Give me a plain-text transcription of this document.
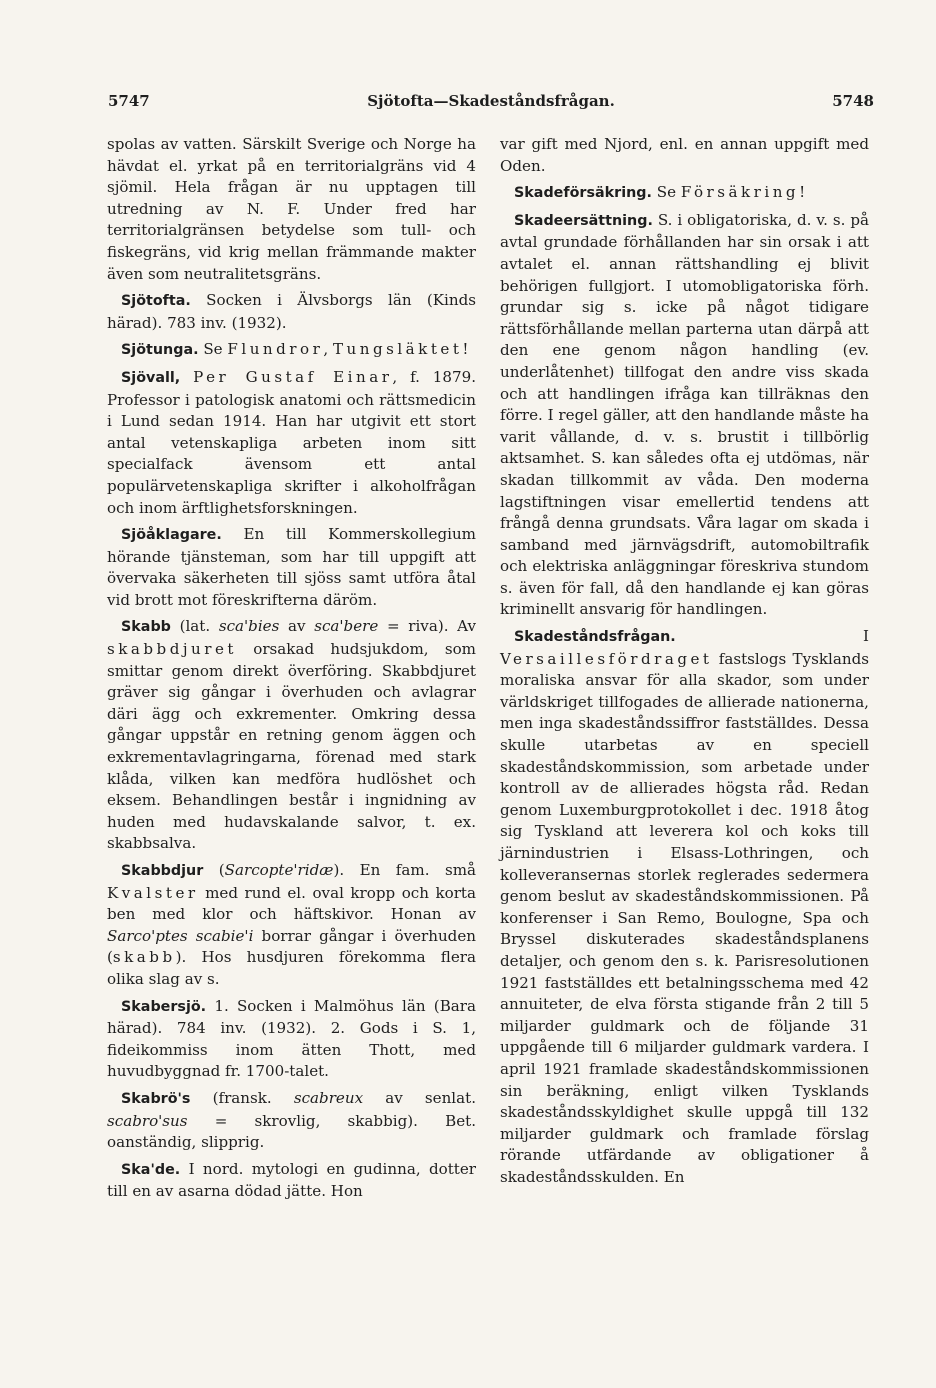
5747	Sjötofta—Skadeståndsfrågan.	5748

spolas av vatten. Särskilt Sverige och Norge ha hävdat el. yrkat på en territorialgräns vid 4 sjömil. Hela frågan är nu upptagen till utredning av N. F. Under fred har territorialgränsen betydelse som tull- och fiskegräns, vid krig mellan främmande makter även som neutralitetsgräns.

Sjötofta. Socken i Älvsborgs län (Kinds härad). 783 inv. (1932).

Sjötunga. Se Flundror, Tungsläktet!

Sjövall, Per Gustaf Einar, f. 1879. Professor i patologisk anatomi och rättsmedicin i Lund sedan 1914. Han har utgivit ett stort antal vetenskapliga arbeten inom sitt specialfack ävensom ett antal populärvetenskapliga skrifter i alkoholfrågan och inom ärftlighetsforskningen.

Sjöåklagare. En till Kommerskollegium hörande tjänsteman, som har till uppgift att övervaka säkerheten till sjöss samt utföra åtal vid brott mot föreskrifterna däröm.

Skabb (lat. sca'bies av sca'bere = riva). Av skabbdjuret orsakad hudsjukdom, som smittar genom direkt överföring. Skabbdjuret gräver sig gångar i överhuden och avlagrar däri ägg och exkrementer. Omkring dessa gångar uppstår en retning genom äggen och exkrementavlagringarna, förenad med stark klåda, vilken kan medföra hudlöshet och eksem. Behandlingen består i ingnidning av huden med hudavskalande salvor, t. ex. skabbsalva.

Skabbdjur (Sarcopte'ridæ). En fam. små Kvalster med rund el. oval kropp och korta ben med klor och häftskivor. Honan av Sarco'ptes scabie'i borrar gångar i överhuden (skabb). Hos husdjuren förekomma flera olika slag av s.

Skabersjö. 1. Socken i Malmöhus län (Bara härad). 784 inv. (1932). 2. Gods i S. 1, fideikommiss inom ätten Thott, med huvudbyggnad fr. 1700-talet.

Skabrö's (fransk. scabreux av senlat. scabro'sus = skrovlig, skabbig). Bet. oanständig, slipprig.

Ska'de. I nord. mytologi en gudinna, dotter till en av asarna dödad jätte. Hon

var gift med Njord, enl. en annan uppgift med Oden.

Skadeförsäkring. Se Försäkring!

Skadeersättning. S. i obligatoriska, d. v. s. på avtal grundade förhållanden har sin orsak i att avtalet el. annan rättshandling ej blivit behörigen fullgjort. I utomobligatoriska förh. grundar sig s. icke på något tidigare rättsförhållande mellan parterna utan därpå att den ene genom någon handling (ev. underlåtenhet) tillfogat den andre viss skada och att handlingen ifråga kan tillräknas den förre. I regel gäller, att den handlande måste ha varit vållande, d. v. s. brustit i tillbörlig aktsamhet. S. kan således ofta ej utdömas, när skadan tillkommit av våda. Den moderna lagstiftningen visar emellertid tendens att frångå denna grundsats. Våra lagar om skada i samband med järnvägsdrift, automobiltrafik och elektriska anläggningar föreskriva stundom s. även för fall, då den handlande ej kan göras kriminellt ansvarig för handlingen.

Skadeståndsfrågan. I Versaillesfördraget fastslogs Tysklands moraliska ansvar för alla skador, som under världskriget tillfogades de allierade nationerna, men inga skadeståndssiffror fastställdes. Dessa skulle utarbetas av en speciell skadeståndskommission, som arbetade under kontroll av de allierades högsta råd. Redan genom Luxemburgprotokollet i dec. 1918 åtog sig Tyskland att leverera kol och koks till järnindustrien i Elsass-Lothringen, och kolleveransernas storlek reglerades sedermera genom beslut av skadeståndskommissionen. På konferenser i San Remo, Boulogne, Spa och Bryssel diskuterades skadeståndsplanens detaljer, och genom den s. k. Parisresolutionen 1921 fastställdes ett betalningsschema med 42 annuiteter, de elva första stigande från 2 till 5 miljarder guldmark och de följande 31 uppgående till 6 miljarder guldmark vardera. I april 1921 framlade skadeståndskommissionen sin beräkning, enligt vilken Tysklands skadeståndsskyldighet skulle uppgå till 132 miljarder guldmark och framlade förslag rörande utfärdande av obligationer å skadeståndsskulden. En
